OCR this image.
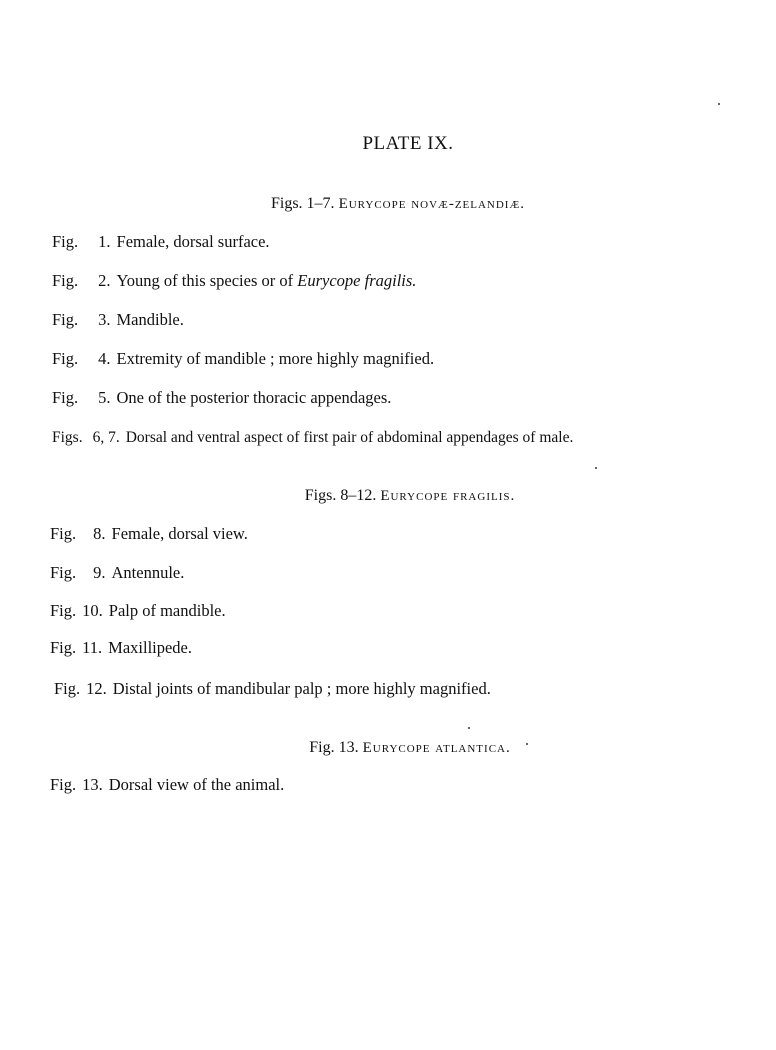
PLATE IX.
Figs. 1–7. Eurycope novæ-zelandiæ.
Fig. 1. Female, dorsal surface.
Fig. 2. Young of this species or of Eurycope fragilis.
Fig. 3. Mandible.
Fig. 4. Extremity of mandible ; more highly magnified.
Fig. 5. One of the posterior thoracic appendages.
Figs. 6, 7. Dorsal and ventral aspect of first pair of abdominal appendages of male.
Figs. 8–12. Eurycope fragilis.
Fig. 8. Female, dorsal view.
Fig. 9. Antennule.
Fig. 10. Palp of mandible.
Fig. 11. Maxillipede.
Fig. 12. Distal joints of mandibular palp ; more highly magnified.
Fig. 13. Eurycope atlantica.
Fig. 13. Dorsal view of the animal.
